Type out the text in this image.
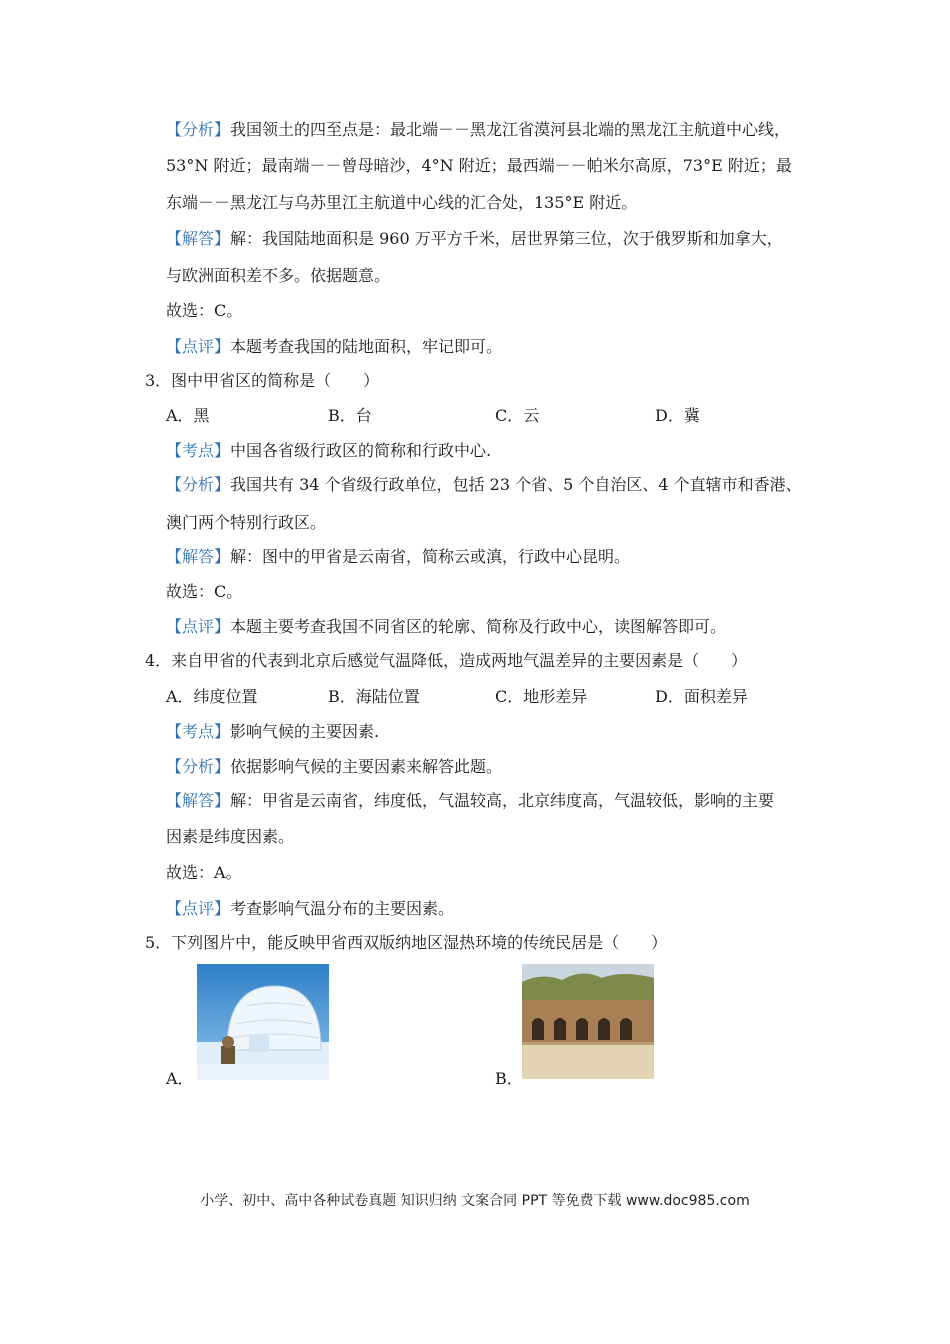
【分析】我国领土的四至点是：最北端－－黑龙江省漠河县北端的黑龙江主航道中心线，
53°N 附近；最南端－－曾母暗沙，4°N 附近；最西端－－帕米尔高原，73°E 附近；最
东端－－黑龙江与乌苏里江主航道中心线的汇合处，135°E 附近。
【解答】解：我国陆地面积是 960 万平方千米，居世界第三位，次于俄罗斯和加拿大，
与欧洲面积差不多。依据题意。
故选：C。
【点评】本题考查我国的陆地面积，牢记即可。
3．图中甲省区的简称是（　　）
A．黑	B．台	C．云	D．冀
【考点】中国各省级行政区的简称和行政中心.
【分析】我国共有 34 个省级行政单位，包括 23 个省、5 个自治区、4 个直辖市和香港、
澳门两个特别行政区。
【解答】解：图中的甲省是云南省，简称云或滇，行政中心昆明。
故选：C。
【点评】本题主要考查我国不同省区的轮廓、简称及行政中心，读图解答即可。
4．来自甲省的代表到北京后感觉气温降低，造成两地气温差异的主要因素是（　　）
A．纬度位置	B．海陆位置	C．地形差异	D．面积差异
【考点】影响气候的主要因素.
【分析】依据影响气候的主要因素来解答此题。
【解答】解：甲省是云南省，纬度低，气温较高，北京纬度高，气温较低，影响的主要
因素是纬度因素。
故选：A。
【点评】考查影响气温分布的主要因素。
5．下列图片中，能反映甲省西双版纳地区湿热环境的传统民居是（　　）
A．	B．
小学、初中、高中各种试卷真题 知识归纳 文案合同 PPT 等免费下载 www.doc985.com
